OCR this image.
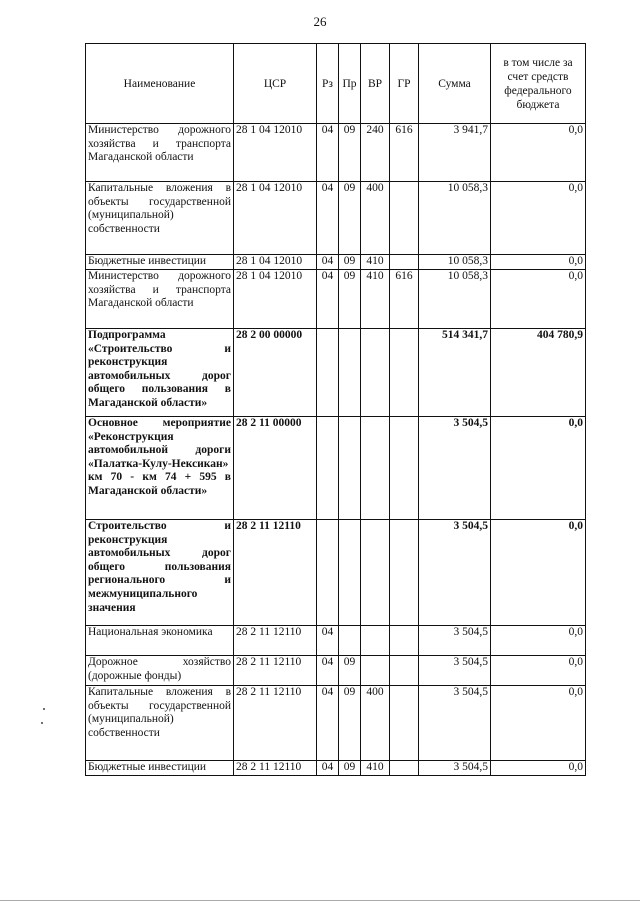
26
Наименование	ЦСР	Рз	Пр	ВР	ГР	Сумма	в том числе за счет средств федерального бюджета
Министерство дорожного хозяйства и транспорта Магаданской области	28 1 04 12010	04	09	240	616	3 941,7	0,0
Капитальные вложения в объекты государственной (муниципальной) собственности	28 1 04 12010	04	09	400		10 058,3	0,0
Бюджетные инвестиции	28 1 04 12010	04	09	410		10 058,3	0,0
Министерство дорожного хозяйства и транспорта Магаданской области	28 1 04 12010	04	09	410	616	10 058,3	0,0
Подпрограмма «Строительство и реконструкция автомобильных дорог общего пользования в Магаданской области»	28 2 00 00000					514 341,7	404 780,9
Основное мероприятие «Реконструкция автомобильной дороги «Палатка-Кулу-Нексикан» км 70 - км 74 + 595 в Магаданской области»	28 2 11 00000					3 504,5	0,0
Строительство и реконструкция автомобильных дорог общего пользования регионального и межмуниципального значения	28 2 11 12110					3 504,5	0,0
Национальная экономика	28 2 11 12110	04				3 504,5	0,0
Дорожное хозяйство (дорожные фонды)	28 2 11 12110	04	09			3 504,5	0,0
Капитальные вложения в объекты государственной (муниципальной) собственности	28 2 11 12110	04	09	400		3 504,5	0,0
Бюджетные инвестиции	28 2 11 12110	04	09	410		3 504,5	0,0
